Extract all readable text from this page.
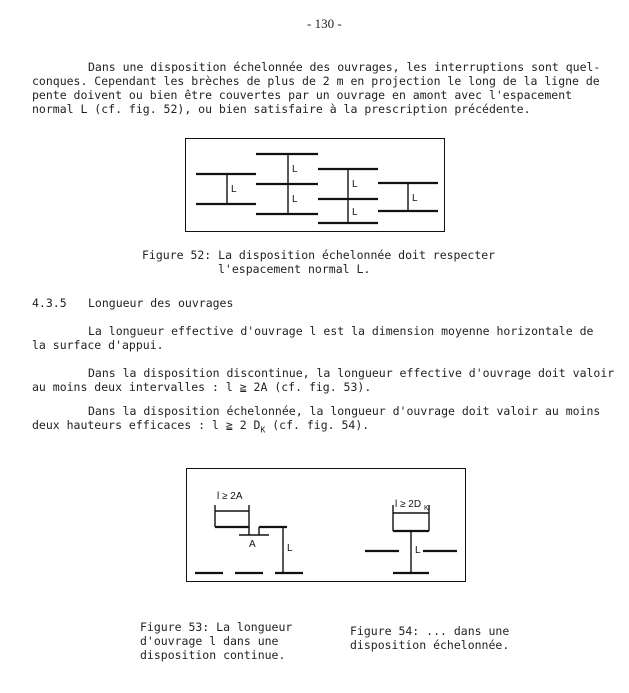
- 130 -
Dans une disposition échelonnée des ouvrages, les interruptions sont quel-
conques. Cependant les brèches de plus de 2 m en projection le long de la ligne de
pente doivent ou bien être couvertes par un ouvrage en amont avec l'espacement
normal L (cf. fig. 52), ou bien satisfaire à la prescription précédente.
L
L
L
L
L
L
Figure 52: La disposition échelonnée doit respecter
l'espacement normal L.
4.3.5 Longueur des ouvrages
La longueur effective d'ouvrage l est la dimension moyenne horizontale de
la surface d'appui.
Dans la disposition discontinue, la longueur effective d'ouvrage doit valoir
au moins deux intervalles : l ≧ 2A (cf. fig. 53).
Dans la disposition échelonnée, la longueur d'ouvrage doit valoir au moins
deux hauteurs efficaces : l ≧ 2 $D_K$ (cf. fig. 54).
l ≥ 2A
A	L
l ≥ 2D K
L
Figure 53: La longueur
d'ouvrage l dans une
disposition continue.
Figure 54: ... dans une
disposition échelonnée.
